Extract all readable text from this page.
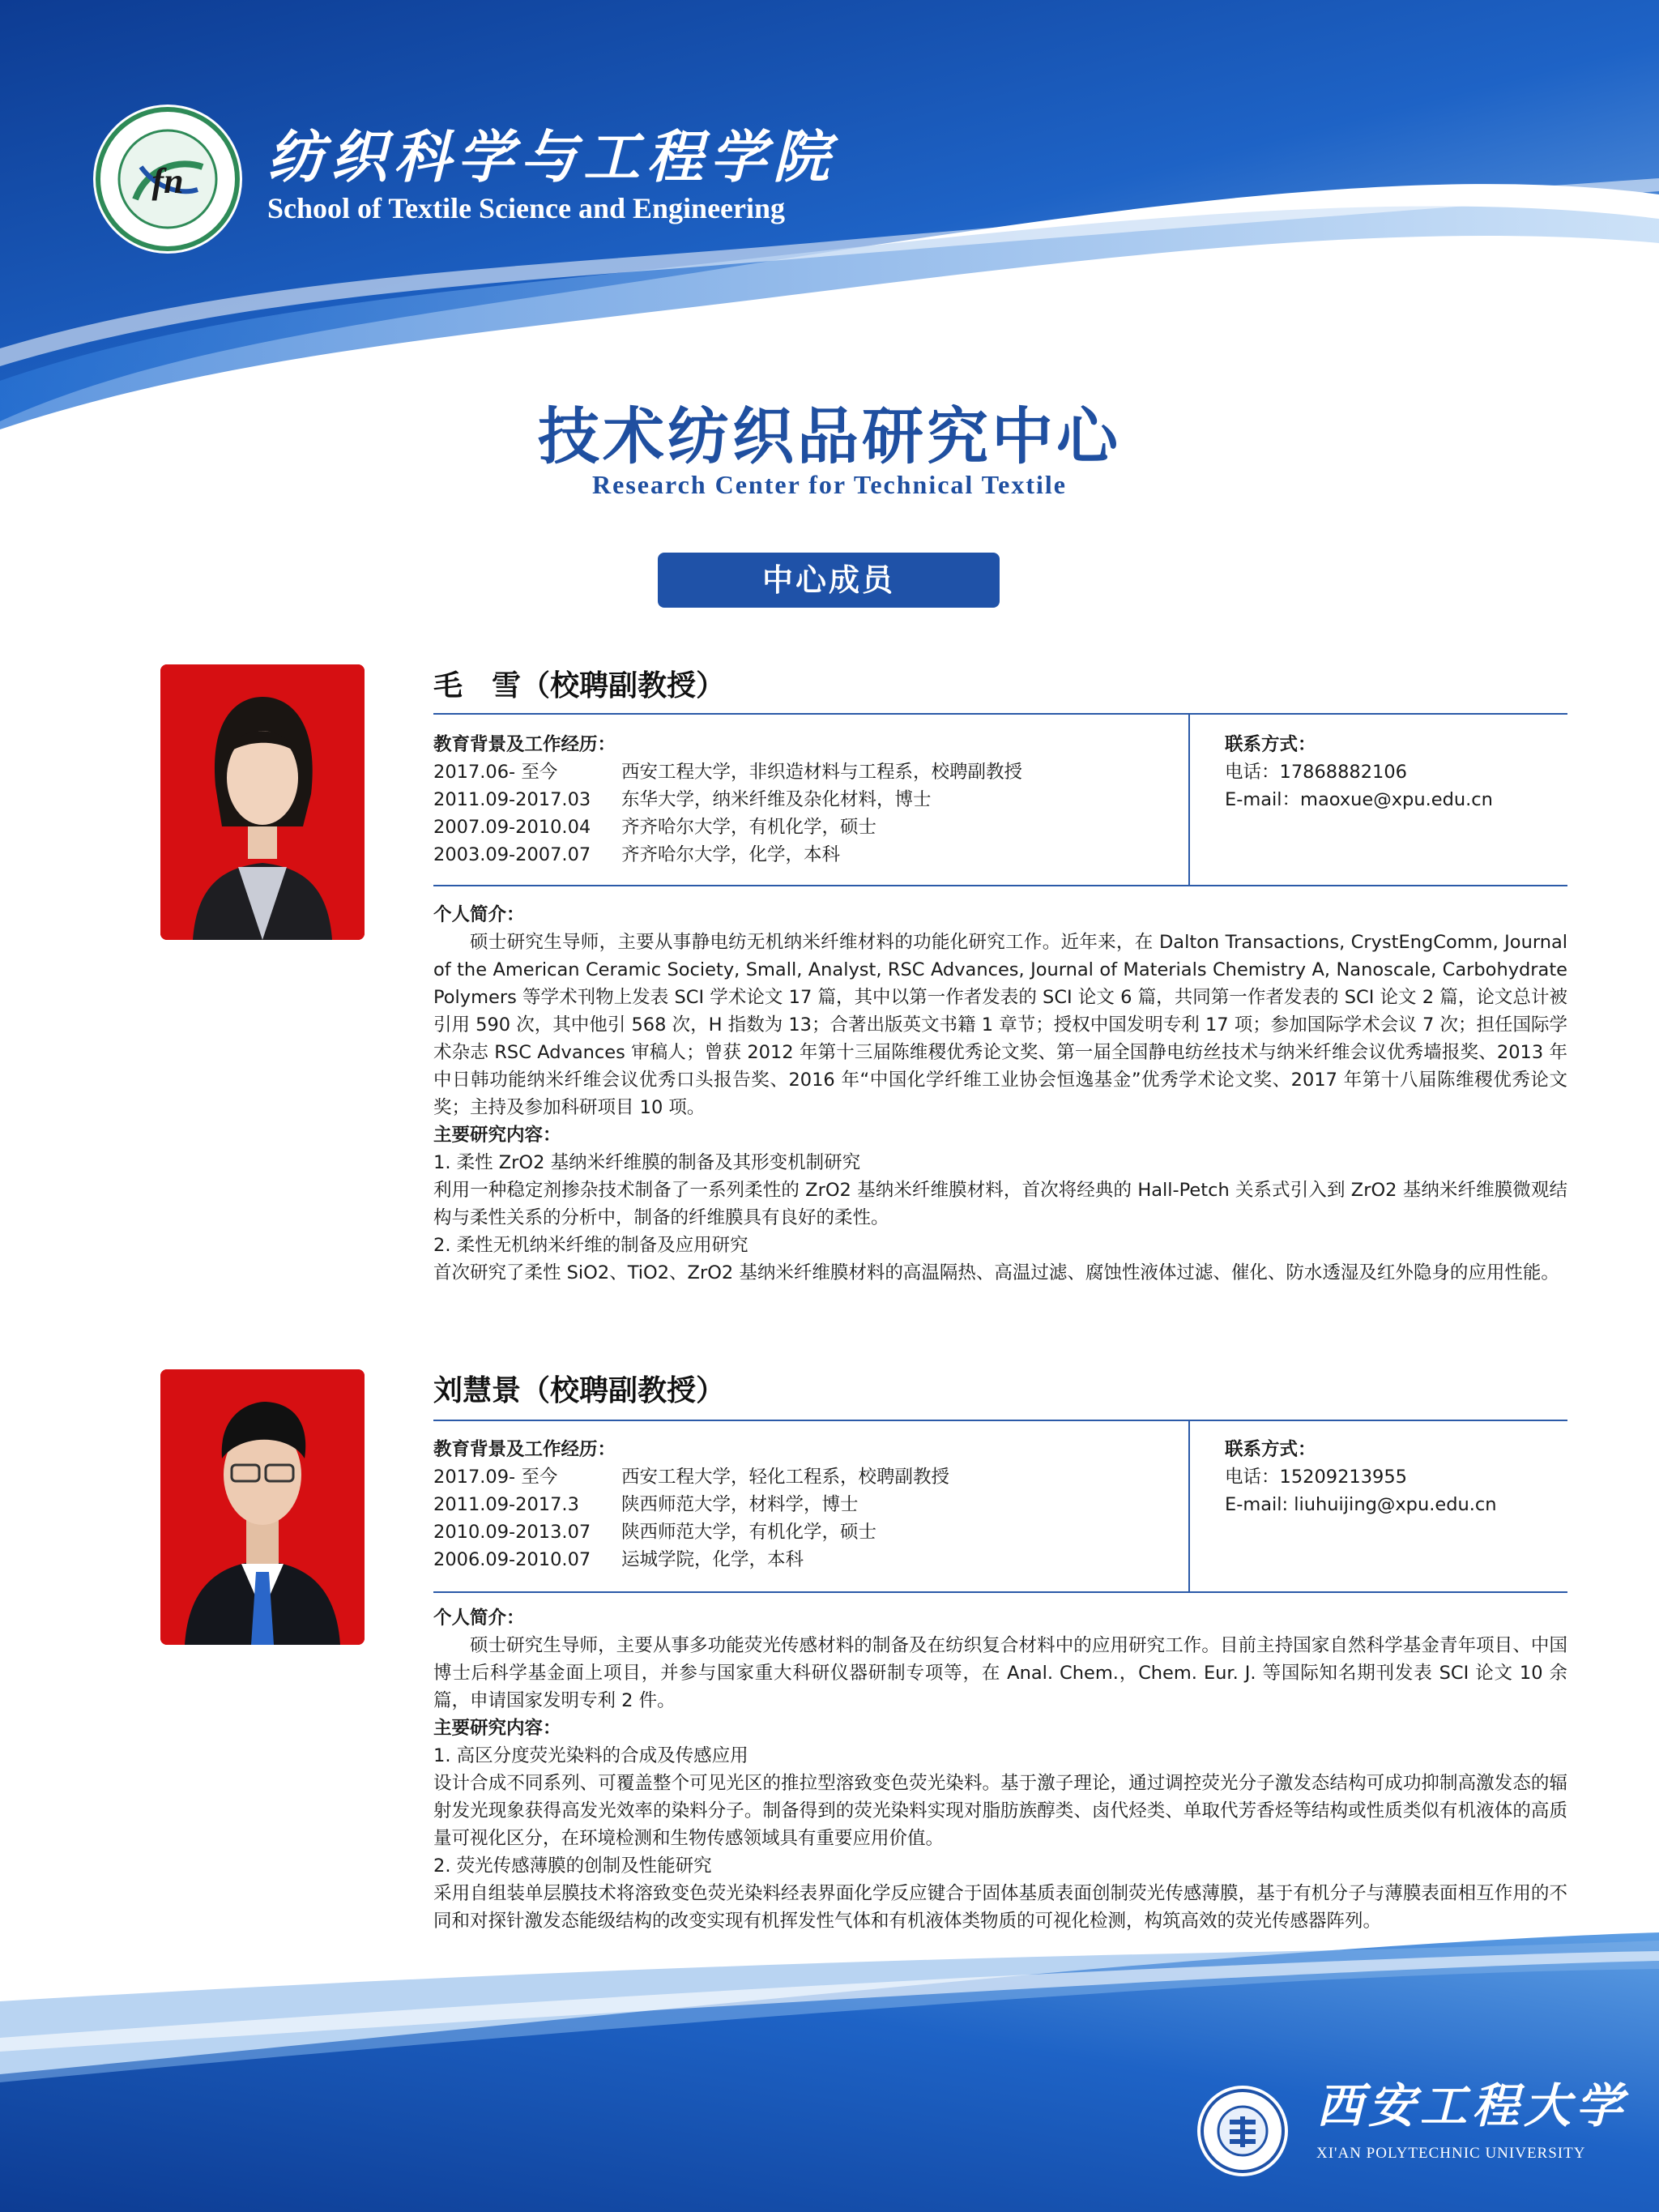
fn 纺织科学与工程学院
School of Textile Science and Engineering
技术纺织品研究中心
Research Center for Technical Textile
中心成员
毛　雪（校聘副教授）
教育背景及工作经历：
2017.06- 至今	西安工程大学，非织造材料与工程系，校聘副教授
2011.09-2017.03	东华大学，纳米纤维及杂化材料，博士
2007.09-2010.04	齐齐哈尔大学，有机化学，硕士
2003.09-2007.07	齐齐哈尔大学，化学，本科
联系方式：
电话：17868882106
E-mail：maoxue@xpu.edu.cn

个人简介：

硕士研究生导师，主要从事静电纺无机纳米纤维材料的功能化研究工作。近年来，在 Dalton Transactions, CrystEngComm, Journal of the American Ceramic Society, Small, Analyst, RSC Advances, Journal of Materials Chemistry A, Nanoscale, Carbohydrate Polymers 等学术刊物上发表 SCI 学术论文 17 篇，其中以第一作者发表的 SCI 论文 6 篇，共同第一作者发表的 SCI 论文 2 篇，论文总计被引用 590 次，其中他引 568 次，H 指数为 13；合著出版英文书籍 1 章节；授权中国发明专利 17 项；参加国际学术会议 7 次；担任国际学术杂志 RSC Advances 审稿人；曾获 2012 年第十三届陈维稷优秀论文奖、第一届全国静电纺丝技术与纳米纤维会议优秀墙报奖、2013 年中日韩功能纳米纤维会议优秀口头报告奖、2016 年“中国化学纤维工业协会恒逸基金”优秀学术论文奖、2017 年第十八届陈维稷优秀论文奖；主持及参加科研项目 10 项。

主要研究内容：

1. 柔性 ZrO2 基纳米纤维膜的制备及其形变机制研究

利用一种稳定剂掺杂技术制备了一系列柔性的 ZrO2 基纳米纤维膜材料，首次将经典的 Hall-Petch 关系式引入到 ZrO2 基纳米纤维膜微观结构与柔性关系的分析中，制备的纤维膜具有良好的柔性。

2. 柔性无机纳米纤维的制备及应用研究

首次研究了柔性 SiO2、TiO2、ZrO2 基纳米纤维膜材料的高温隔热、高温过滤、腐蚀性液体过滤、催化、防水透湿及红外隐身的应用性能。

刘慧景（校聘副教授）
教育背景及工作经历：
2017.09- 至今	西安工程大学，轻化工程系，校聘副教授
2011.09-2017.3	陕西师范大学，材料学，博士
2010.09-2013.07	陕西师范大学，有机化学，硕士
2006.09-2010.07	运城学院，化学，本科
联系方式：
电话：15209213955
E-mail: liuhuijing@xpu.edu.cn

个人简介：

硕士研究生导师，主要从事多功能荧光传感材料的制备及在纺织复合材料中的应用研究工作。目前主持国家自然科学基金青年项目、中国博士后科学基金面上项目，并参与国家重大科研仪器研制专项等，在 Anal. Chem.，Chem. Eur. J. 等国际知名期刊发表 SCI 论文 10 余篇，申请国家发明专利 2 件。

主要研究内容：

1. 高区分度荧光染料的合成及传感应用

设计合成不同系列、可覆盖整个可见光区的推拉型溶致变色荧光染料。基于激子理论，通过调控荧光分子激发态结构可成功抑制高激发态的辐射发光现象获得高发光效率的染料分子。制备得到的荧光染料实现对脂肪族醇类、卤代烃类、单取代芳香烃等结构或性质类似有机液体的高质量可视化区分，在环境检测和生物传感领域具有重要应用价值。

2. 荧光传感薄膜的创制及性能研究

采用自组装单层膜技术将溶致变色荧光染料经表界面化学反应键合于固体基质表面创制荧光传感薄膜，基于有机分子与薄膜表面相互作用的不同和对探针激发态能级结构的改变实现有机挥发性气体和有机液体类物质的可视化检测，构筑高效的荧光传感器阵列。

西安工程大学
XI'AN POLYTECHNIC UNIVERSITY
